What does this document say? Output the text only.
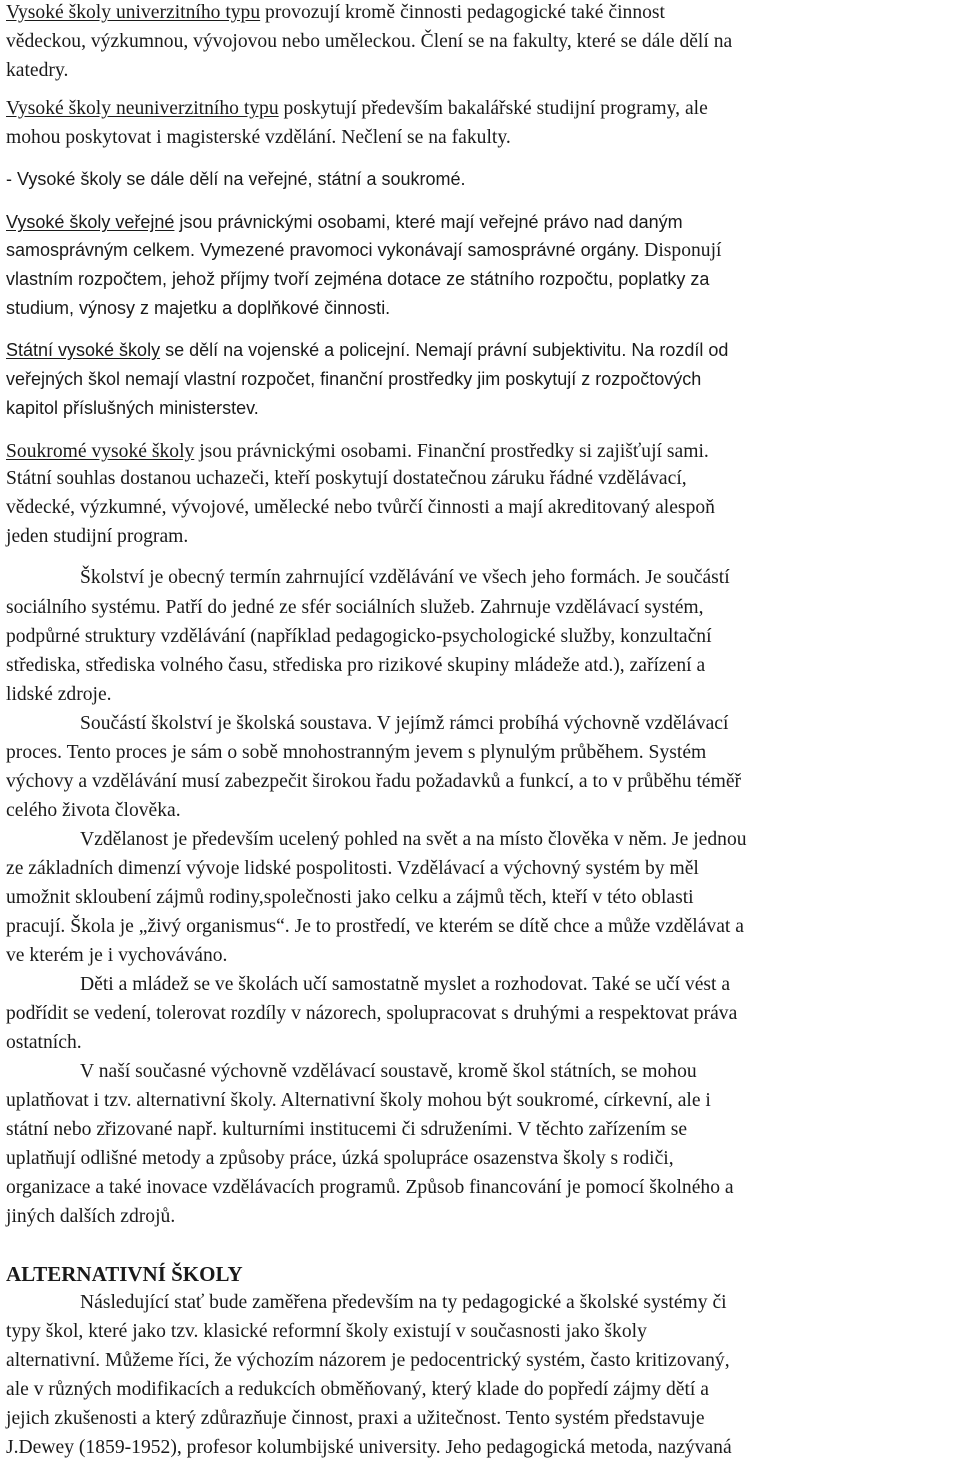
Vysoké školy univerzitního typu provozují kromě činnosti pedagogické také činnost
vědeckou, výzkumnou, vývojovou nebo uměleckou. Člení se na fakulty, které se dále dělí na
katedry.
Vysoké školy neuniverzitního typu poskytují především bakalářské studijní programy, ale
mohou poskytovat i magisterské vzdělání. Nečlení se na fakulty.
- Vysoké školy se dále dělí na veřejné, státní a soukromé.
Vysoké školy veřejné jsou právnickými osobami, které mají veřejné právo nad daným
samosprávným celkem. Vymezené pravomoci vykonávají samosprávné orgány. Disponují
vlastním rozpočtem, jehož příjmy tvoří zejména dotace ze státního rozpočtu, poplatky za
studium, výnosy z majetku a doplňkové činnosti.
Státní vysoké školy se dělí na vojenské a policejní. Nemají právní subjektivitu. Na rozdíl od
veřejných škol nemají vlastní rozpočet, finanční prostředky jim poskytují z rozpočtových
kapitol příslušných ministerstev.
Soukromé vysoké školy jsou právnickými osobami. Finanční prostředky si zajišťují sami.
Státní souhlas dostanou uchazeči, kteří poskytují dostatečnou záruku řádné vzdělávací,
vědecké, výzkumné, vývojové, umělecké nebo tvůrčí činnosti a mají akreditovaný alespoň
jeden studijní program.
Školství je obecný termín zahrnující vzdělávání ve všech jeho formách. Je součástí
sociálního systému. Patří do jedné ze sfér sociálních služeb. Zahrnuje vzdělávací systém,
podpůrné struktury vzdělávání (například pedagogicko-psychologické služby, konzultační
střediska, střediska volného času, střediska pro rizikové skupiny mládeže atd.), zařízení a
lidské zdroje.
Součástí školství je školská soustava. V jejímž rámci probíhá výchovně vzdělávací
proces. Tento proces je sám o sobě mnohostranným jevem s plynulým průběhem. Systém
výchovy a vzdělávání musí zabezpečit širokou řadu požadavků a funkcí, a to v průběhu téměř
celého života člověka.
Vzdělanost je především ucelený pohled na svět a na místo člověka v něm. Je jednou
ze základních dimenzí vývoje lidské pospolitosti. Vzdělávací a výchovný systém by měl
umožnit skloubení zájmů rodiny,společnosti jako celku a zájmů těch, kteří v této oblasti
pracují. Škola je „živý organismus“. Je to prostředí, ve kterém se dítě chce a může vzdělávat a
ve kterém je i vychováváno.
Děti a mládež se ve školách učí samostatně myslet a rozhodovat. Také se učí vést a
podřídit se vedení, tolerovat rozdíly v názorech, spolupracovat s druhými a respektovat práva
ostatních.
V naší současné výchovně vzdělávací soustavě, kromě škol státních, se mohou
uplatňovat i tzv. alternativní školy. Alternativní školy mohou být soukromé, církevní, ale i
státní nebo zřizované např. kulturními institucemi či sdruženími. V těchto zařízením se
uplatňují odlišné metody a způsoby práce, úzká spolupráce osazenstva školy s rodiči,
organizace a také inovace vzdělávacích programů. Způsob financování je pomocí školného a
jiných dalších zdrojů.
ALTERNATIVNÍ ŠKOLY
Následující stať bude zaměřena především na ty pedagogické a školské systémy či
typy škol, které jako tzv. klasické reformní školy existují v současnosti jako školy
alternativní. Můžeme říci, že výchozím názorem je pedocentrický systém, často kritizovaný,
ale v různých modifikacích a redukcích obměňovaný, který klade do popředí zájmy dětí a
jejich zkušenosti a který zdůrazňuje činnost, praxi a užitečnost. Tento systém představuje
J.Dewey (1859-1952), profesor kolumbijské university. Jeho pedagogická metoda, nazývaná
